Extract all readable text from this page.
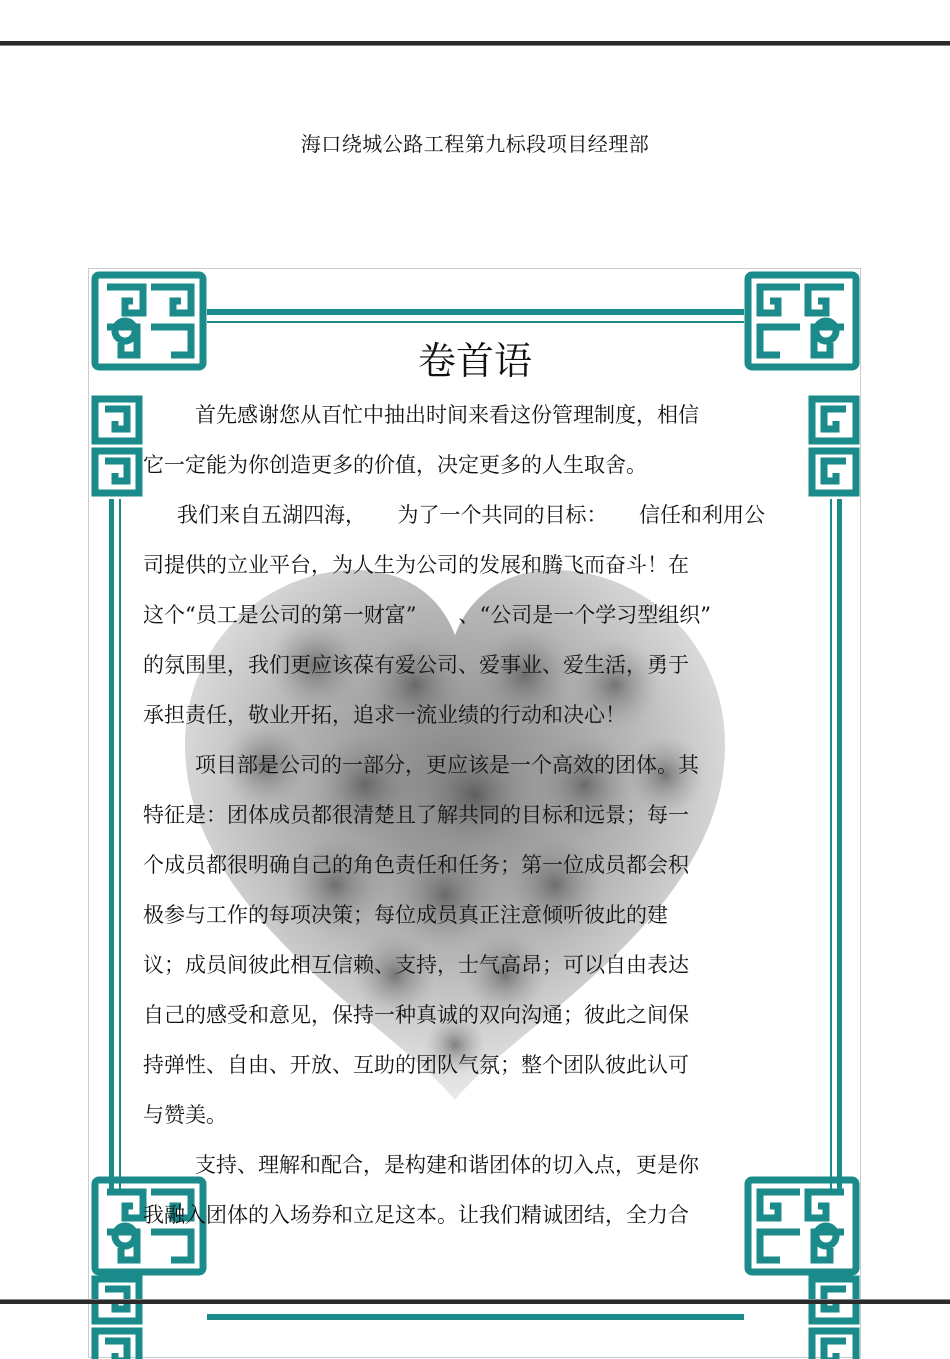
海口绕城公路工程第九标段项目经理部
卷首语
首先感谢您从百忙中抽出时间来看这份管理制度，相信
它一定能为你创造更多的价值，决定更多的人生取舍。
我们来自五湖四海，　　为了一个共同的目标：　　信任和利用公
司提供的立业平台，为人生为公司的发展和腾飞而奋斗！在
这个“员工是公司的第一财富”　　、“公司是一个学习型组织”
的氛围里，我们更应该葆有爱公司、爱事业、爱生活，勇于
承担责任，敬业开拓，追求一流业绩的行动和决心！
项目部是公司的一部分，更应该是一个高效的团体。其
特征是：团体成员都很清楚且了解共同的目标和远景；每一
个成员都很明确自己的角色责任和任务；第一位成员都会积
极参与工作的每项决策；每位成员真正注意倾听彼此的建
议；成员间彼此相互信赖、支持，士气高昂；可以自由表达
自己的感受和意见，保持一种真诚的双向沟通；彼此之间保
持弹性、自由、开放、互助的团队气氛；整个团队彼此认可
与赞美。
支持、理解和配合，是构建和谐团体的切入点，更是你
我融入团体的入场券和立足这本。让我们精诚团结，全力合
